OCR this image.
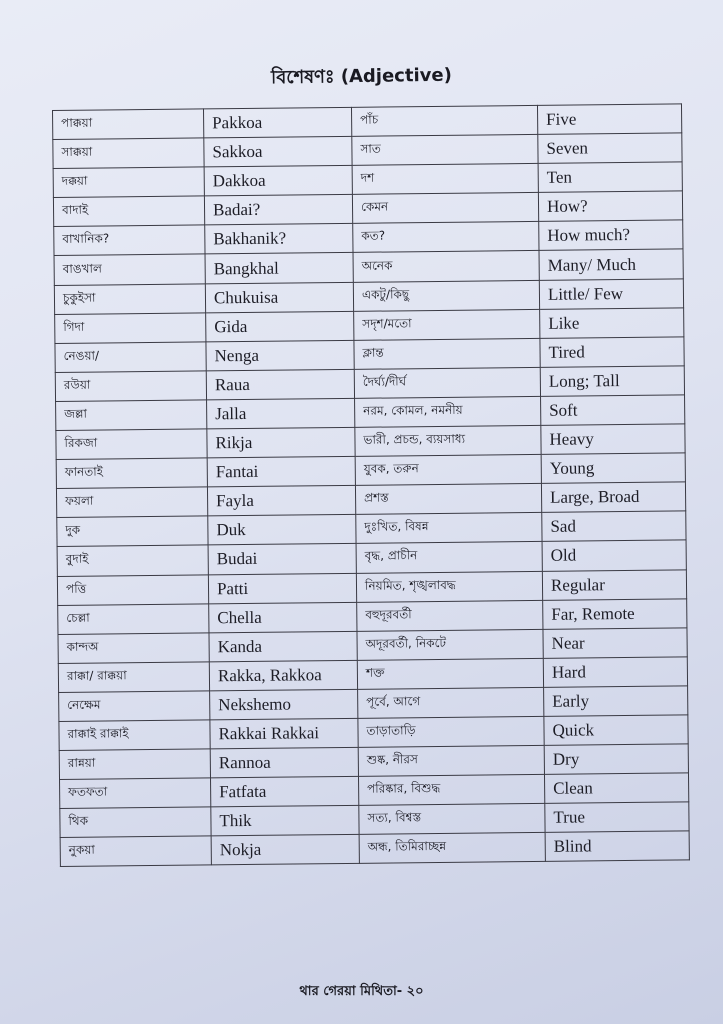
বিশেষণঃ (Adjective)
পাক্কয়া	Pakkoa	পাঁচ	Five
সাক্কয়া	Sakkoa	সাত	Seven
দক্কয়া	Dakkoa	দশ	Ten
বাদাই	Badai?	কেমন	How?
বাখানিক?	Bakhanik?	কত?	How much?
বাঙখাল	Bangkhal	অনেক	Many/ Much
চুকুইসা	Chukuisa	একটু/কিছু	Little/ Few
গিদা	Gida	সদৃশ/মতো	Like
নেঙয়া/	Nenga	ক্লান্ত	Tired
রউয়া	Raua	দৈর্ঘ্য/দীর্ঘ	Long; Tall
জল্লা	Jalla	নরম, কোমল, নমনীয়	Soft
রিকজা	Rikja	ভারী, প্রচন্ড, ব্যয়সাধ্য	Heavy
ফানতাই	Fantai	যুবক, তরুন	Young
ফয়লা	Fayla	প্রশস্ত	Large, Broad
দুক	Duk	দুঃখিত, বিষন্ন	Sad
বুদাই	Budai	বৃদ্ধ, প্রাচীন	Old
পত্তি	Patti	নিয়মিত, শৃঙ্খলাবদ্ধ	Regular
চেল্লা	Chella	বহুদূরবর্তী	Far, Remote
কান্দঅ	Kanda	অদূরবর্তী, নিকটে	Near
রাক্কা/ রাক্কয়া	Rakka, Rakkoa	শক্ত	Hard
নেক্ষেম	Nekshemo	পূর্বে, আগে	Early
রাক্কাই রাক্কাই	Rakkai Rakkai	তাড়াতাড়ি	Quick
রান্নয়া	Rannoa	শুষ্ক, নীরস	Dry
ফতফতা	Fatfata	পরিষ্কার, বিশুদ্ধ	Clean
থিক	Thik	সত্য, বিশ্বস্ত	True
নুকয়া	Nokja	অন্ধ, তিমিরাচ্ছন্ন	Blind
থার গেরয়া মিথিতা- ২০
